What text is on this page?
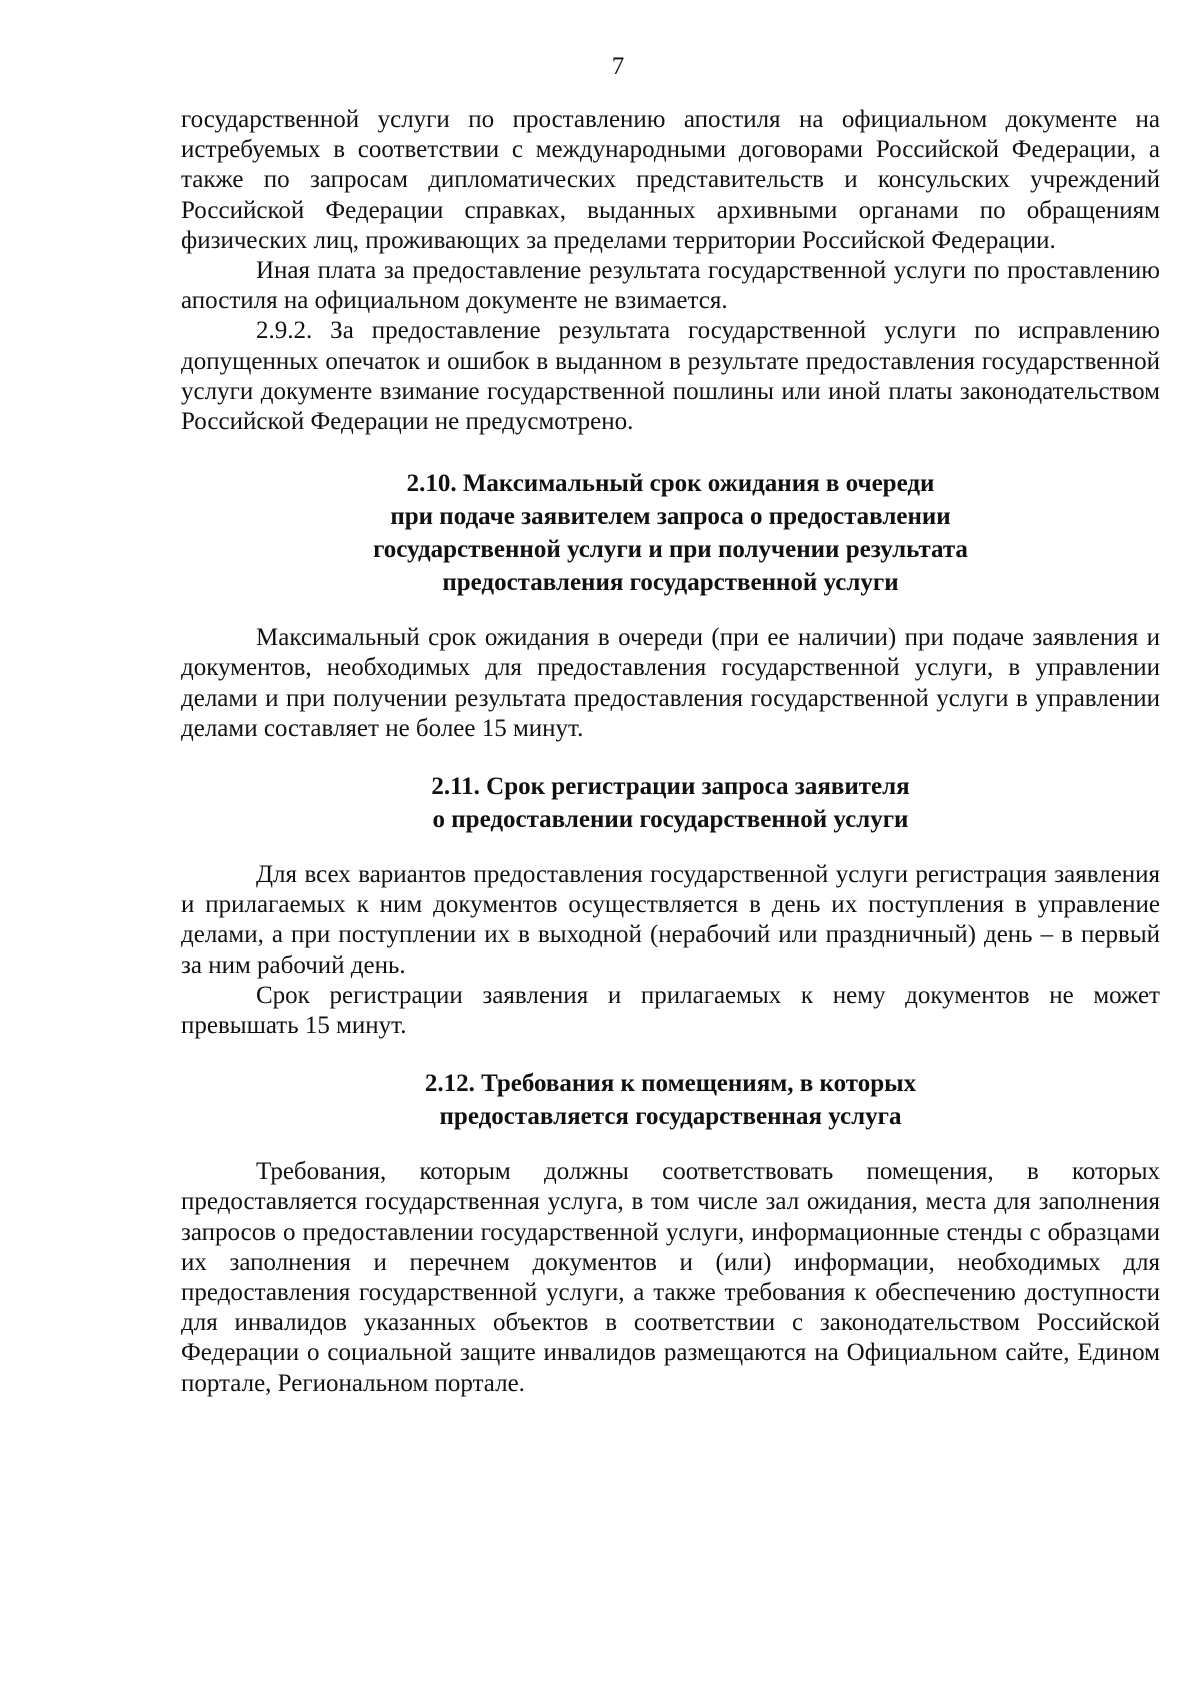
7

государственной услуги по проставлению апостиля на официальном документе на истребуемых в соответствии с международными договорами Российской Федерации, а также по запросам дипломатических представительств и консульских учреждений Российской Федерации справках, выданных архивными органами по обращениям физических лиц, проживающих за пределами территории Российской Федерации.

Иная плата за предоставление результата государственной услуги по проставлению апостиля на официальном документе не взимается.

2.9.2. За предоставление результата государственной услуги по исправлению допущенных опечаток и ошибок в выданном в результате предоставления государственной услуги документе взимание государственной пошлины или иной платы законодательством Российской Федерации не предусмотрено.

2.10. Максимальный срок ожидания в очереди
при подаче заявителем запроса о предоставлении
государственной услуги и при получении результата
предоставления государственной услуги

Максимальный срок ожидания в очереди (при ее наличии) при подаче заявления и документов, необходимых для предоставления государственной услуги, в управлении делами и при получении результата предоставления государственной услуги в управлении делами составляет не более 15 минут.

2.11. Срок регистрации запроса заявителя
о предоставлении государственной услуги

Для всех вариантов предоставления государственной услуги регистрация заявления и прилагаемых к ним документов осуществляется в день их поступления в управление делами, а при поступлении их в выходной (нерабочий или праздничный) день – в первый за ним рабочий день.

Срок регистрации заявления и прилагаемых к нему документов не может превышать 15 минут.

2.12. Требования к помещениям, в которых
предоставляется государственная услуга

Требования, которым должны соответствовать помещения, в которых предоставляется государственная услуга, в том числе зал ожидания, места для заполнения запросов о предоставлении государственной услуги, информационные стенды с образцами их заполнения и перечнем документов и (или) информации, необходимых для предоставления государственной услуги, а также требования к обеспечению доступности для инвалидов указанных объектов в соответствии с законодательством Российской Федерации о социальной защите инвалидов размещаются на Официальном сайте, Едином портале, Региональном портале.
